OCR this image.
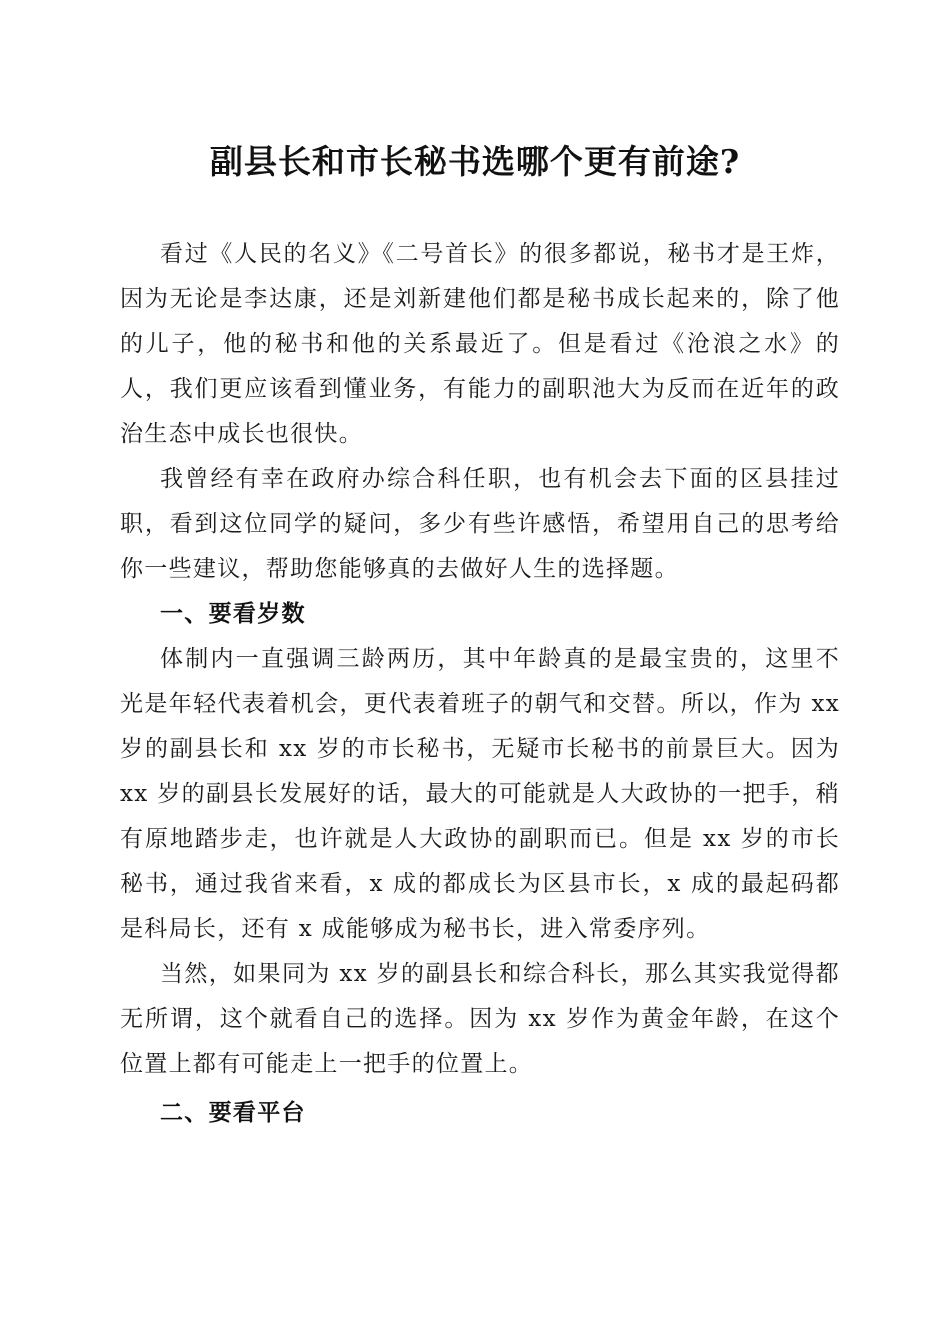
副县长和市长秘书选哪个更有前途?

看过《人民的名义》《二号首长》的很多都说，秘书才是王炸，因为无论是李达康，还是刘新建他们都是秘书成长起来的，除了他的儿子，他的秘书和他的关系最近了。但是看过《沧浪之水》的人，我们更应该看到懂业务，有能力的副职池大为反而在近年的政治生态中成长也很快。

我曾经有幸在政府办综合科任职，也有机会去下面的区县挂过职，看到这位同学的疑问，多少有些许感悟，希望用自己的思考给你一些建议，帮助您能够真的去做好人生的选择题。

一、要看岁数

体制内一直强调三龄两历，其中年龄真的是最宝贵的，这里不光是年轻代表着机会，更代表着班子的朝气和交替。所以，作为 xx 岁的副县长和 xx 岁的市长秘书，无疑市长秘书的前景巨大。因为 xx 岁的副县长发展好的话，最大的可能就是人大政协的一把手，稍有原地踏步走，也许就是人大政协的副职而已。但是 xx 岁的市长秘书，通过我省来看，x 成的都成长为区县市长，x 成的最起码都是科局长，还有 x 成能够成为秘书长，进入常委序列。

当然，如果同为 xx 岁的副县长和综合科长，那么其实我觉得都无所谓，这个就看自己的选择。因为 xx 岁作为黄金年龄，在这个位置上都有可能走上一把手的位置上。

二、要看平台
